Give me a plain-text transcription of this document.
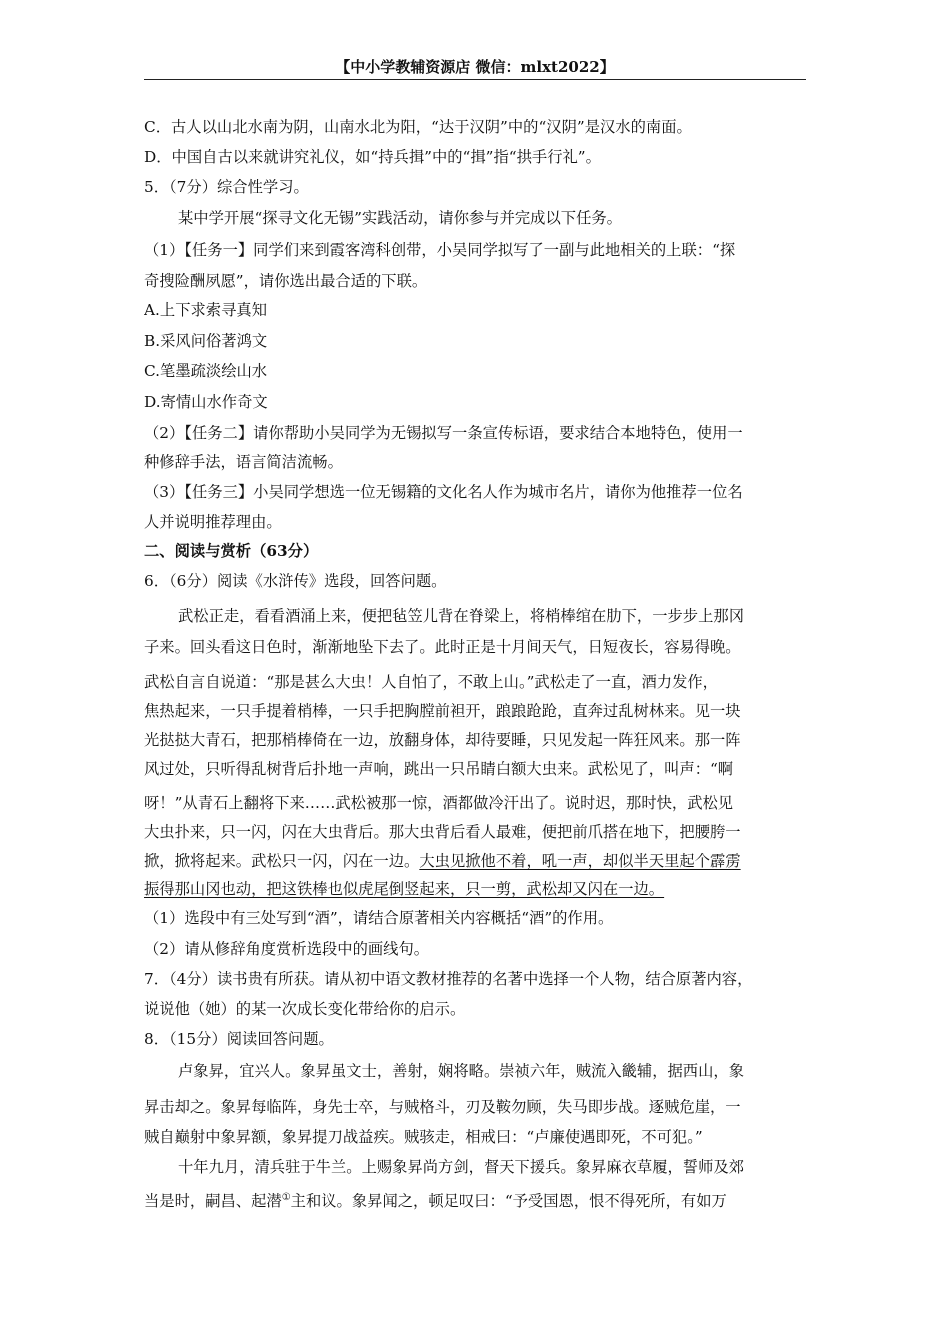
【中小学教辅资源店 微信：mlxt2022】
C．古人以山北水南为阴，山南水北为阳，“达于汉阴”中的“汉阴”是汉水的南面。
D．中国自古以来就讲究礼仪，如“持兵揖”中的“揖”指“拱手行礼”。
5．（7分）综合性学习。
某中学开展“探寻文化无锡”实践活动，请你参与并完成以下任务。
（1）【任务一】同学们来到霞客湾科创带，小吴同学拟写了一副与此地相关的上联：“探
奇搜险酬夙愿”，请你选出最合适的下联。
A.上下求索寻真知
B.采风问俗著鸿文
C.笔墨疏淡绘山水
D.寄情山水作奇文
（2）【任务二】请你帮助小吴同学为无锡拟写一条宣传标语，要求结合本地特色，使用一
种修辞手法，语言简洁流畅。
（3）【任务三】小吴同学想选一位无锡籍的文化名人作为城市名片，请你为他推荐一位名
人并说明推荐理由。
二、阅读与赏析（63分）
6．（6分）阅读《水浒传》选段，回答问题。
武松正走，看看酒涌上来，便把毡笠儿背在脊梁上，将梢棒绾在肋下，一步步上那冈
子来。回头看这日色时，渐渐地坠下去了。此时正是十月间天气，日短夜长，容易得晚。
武松自言自说道：“那是甚么大虫！人自怕了，不敢上山。”武松走了一直，酒力发作，
焦热起来，一只手提着梢棒，一只手把胸膛前袒开，踉踉跄跄，直奔过乱树林来。见一块
光挞挞大青石，把那梢棒倚在一边，放翻身体，却待要睡，只见发起一阵狂风来。那一阵
风过处，只听得乱树背后扑地一声响，跳出一只吊睛白额大虫来。武松见了，叫声：“啊
呀！”从青石上翻将下来……武松被那一惊，酒都做冷汗出了。说时迟，那时快，武松见
大虫扑来，只一闪，闪在大虫背后。那大虫背后看人最难，便把前爪搭在地下，把腰胯一
掀，掀将起来。武松只一闪，闪在一边。大虫见掀他不着，吼一声，却似半天里起个霹雳
振得那山冈也动，把这铁棒也似虎尾倒竖起来，只一剪，武松却又闪在一边。
（1）选段中有三处写到“酒”，请结合原著相关内容概括“酒”的作用。
（2）请从修辞角度赏析选段中的画线句。
7．（4分）读书贵有所获。请从初中语文教材推荐的名著中选择一个人物，结合原著内容，
说说他（她）的某一次成长变化带给你的启示。
8．（15分）阅读回答问题。
卢象昇，宜兴人。象昇虽文士，善射，娴将略。崇祯六年，贼流入畿辅，据西山，象
昇击却之。象昇每临阵，身先士卒，与贼格斗，刃及鞍勿顾，失马即步战。逐贼危崖，一
贼自巅射中象昇额，象昇提刀战益疾。贼骇走，相戒曰：“卢廉使遇即死，不可犯。”
十年九月，清兵驻于牛兰。上赐象昇尚方剑，督天下援兵。象昇麻衣草履，誓师及郊
当是时，嗣昌、起潜①主和议。象昇闻之，顿足叹曰：“予受国恩，恨不得死所，有如万
